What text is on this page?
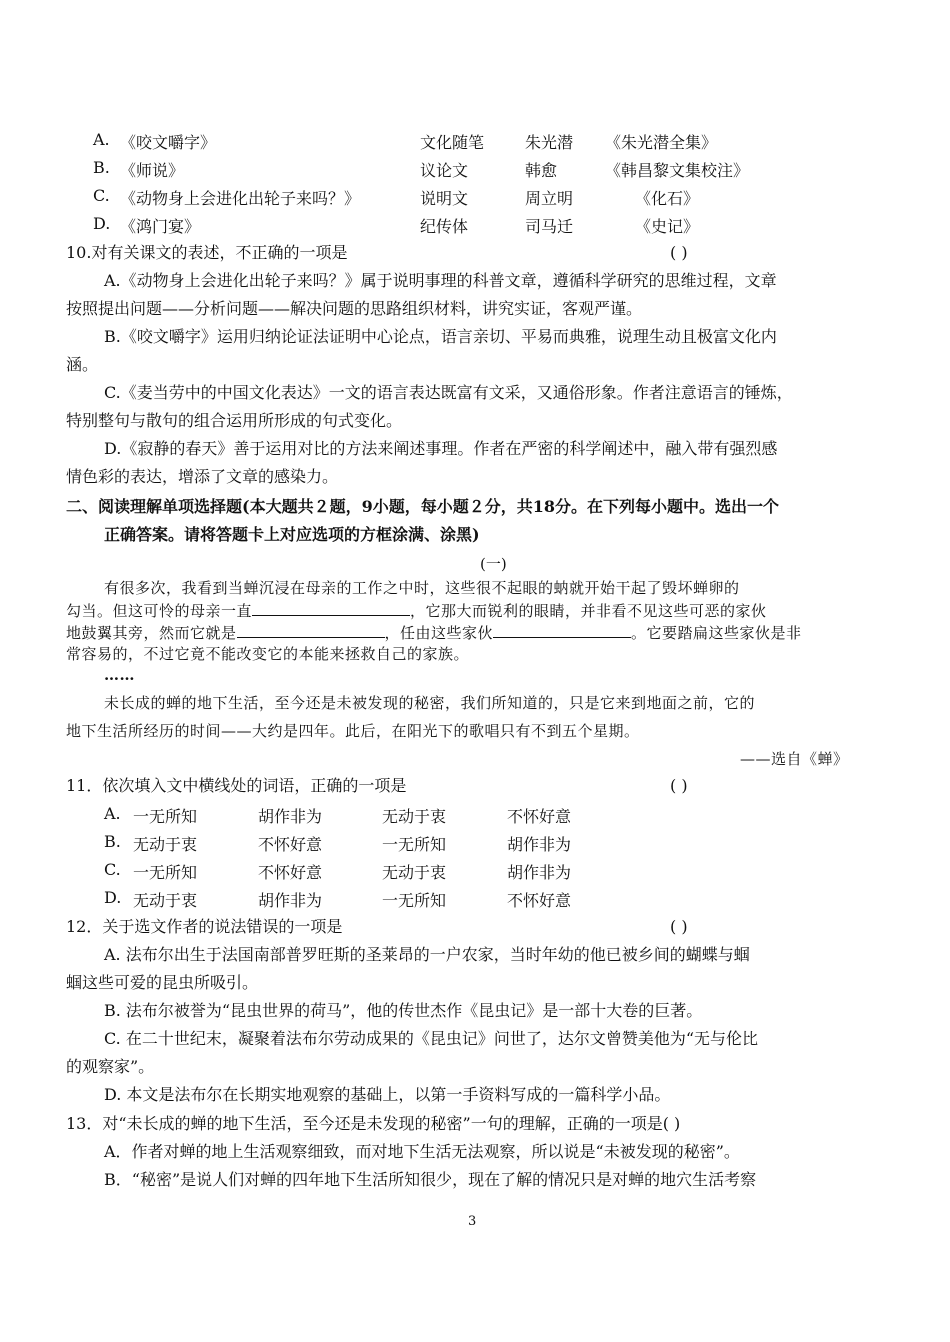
A. 《咬文嚼字》	文化随笔	朱光潜 《朱光潜全集》
B. 《师说》	议论文	韩愈	《韩昌黎文集校注》
C. 《动物身上会进化出轮子来吗？》	说明文	周立明	《化石》
D. 《鸿门宴》	纪传体	司马迁	《史记》
10.对有关课文的表述，不正确的一项是	( )
A.《动物身上会进化出轮子来吗？》属于说明事理的科普文章，遵循科学研究的思维过程，文章
按照提出问题——分析问题——解决问题的思路组织材料，讲究实证，客观严谨。
B.《咬文嚼字》运用归纳论证法证明中心论点，语言亲切、平易而典雅，说理生动且极富文化内
涵。
C.《麦当劳中的中国文化表达》一文的语言表达既富有文采，又通俗形象。作者注意语言的锤炼，
特别整句与散句的组合运用所形成的句式变化。
D.《寂静的春天》善于运用对比的方法来阐述事理。作者在严密的科学阐述中，融入带有强烈感
情色彩的表达，增添了文章的感染力。
二、阅读理解单项选择题(本大题共２题，9小题，每小题２分，共18分。在下列每小题中。选出一个
正确答案。请将答题卡上对应选项的方框涂满、涂黑)
(一)
有很多次，我看到当蝉沉浸在母亲的工作之中时，这些很不起眼的蚋就开始干起了毁坏蝉卵的
勾当。但这可怜的母亲一直	，它那大而锐利的眼睛，并非看不见这些可恶的家伙
地鼓翼其旁，然而它就是	，任由这些家伙	。它要踏扁这些家伙是非
常容易的，不过它竟不能改变它的本能来拯救自己的家族。
……
未长成的蝉的地下生活，至今还是未被发现的秘密，我们所知道的，只是它来到地面之前，它的
地下生活所经历的时间——大约是四年。此后，在阳光下的歌唱只有不到五个星期。
——选自《蝉》
11．依次填入文中横线处的词语，正确的一项是	( )
A. 一无所知	胡作非为	无动于衷	不怀好意
B. 无动于衷	不怀好意	一无所知	胡作非为
C. 一无所知	不怀好意	无动于衷	胡作非为
D. 无动于衷	胡作非为	一无所知	不怀好意
12．关于选文作者的说法错误的一项是	( )
A. 法布尔出生于法国南部普罗旺斯的圣莱昂的一户农家，当时年幼的他已被乡间的蝴蝶与蝈
蝈这些可爱的昆虫所吸引。
B. 法布尔被誉为“昆虫世界的荷马”，他的传世杰作《昆虫记》是一部十大卷的巨著。
C. 在二十世纪末，凝聚着法布尔劳动成果的《昆虫记》问世了，达尔文曾赞美他为“无与伦比
的观察家”。
D. 本文是法布尔在长期实地观察的基础上，以第一手资料写成的一篇科学小品。
13．对“未长成的蝉的地下生活，至今还是未发现的秘密”一句的理解，正确的一项是( )
A．作者对蝉的地上生活观察细致，而对地下生活无法观察，所以说是“未被发现的秘密”。
B．“秘密”是说人们对蝉的四年地下生活所知很少，现在了解的情况只是对蝉的地穴生活考察
3
